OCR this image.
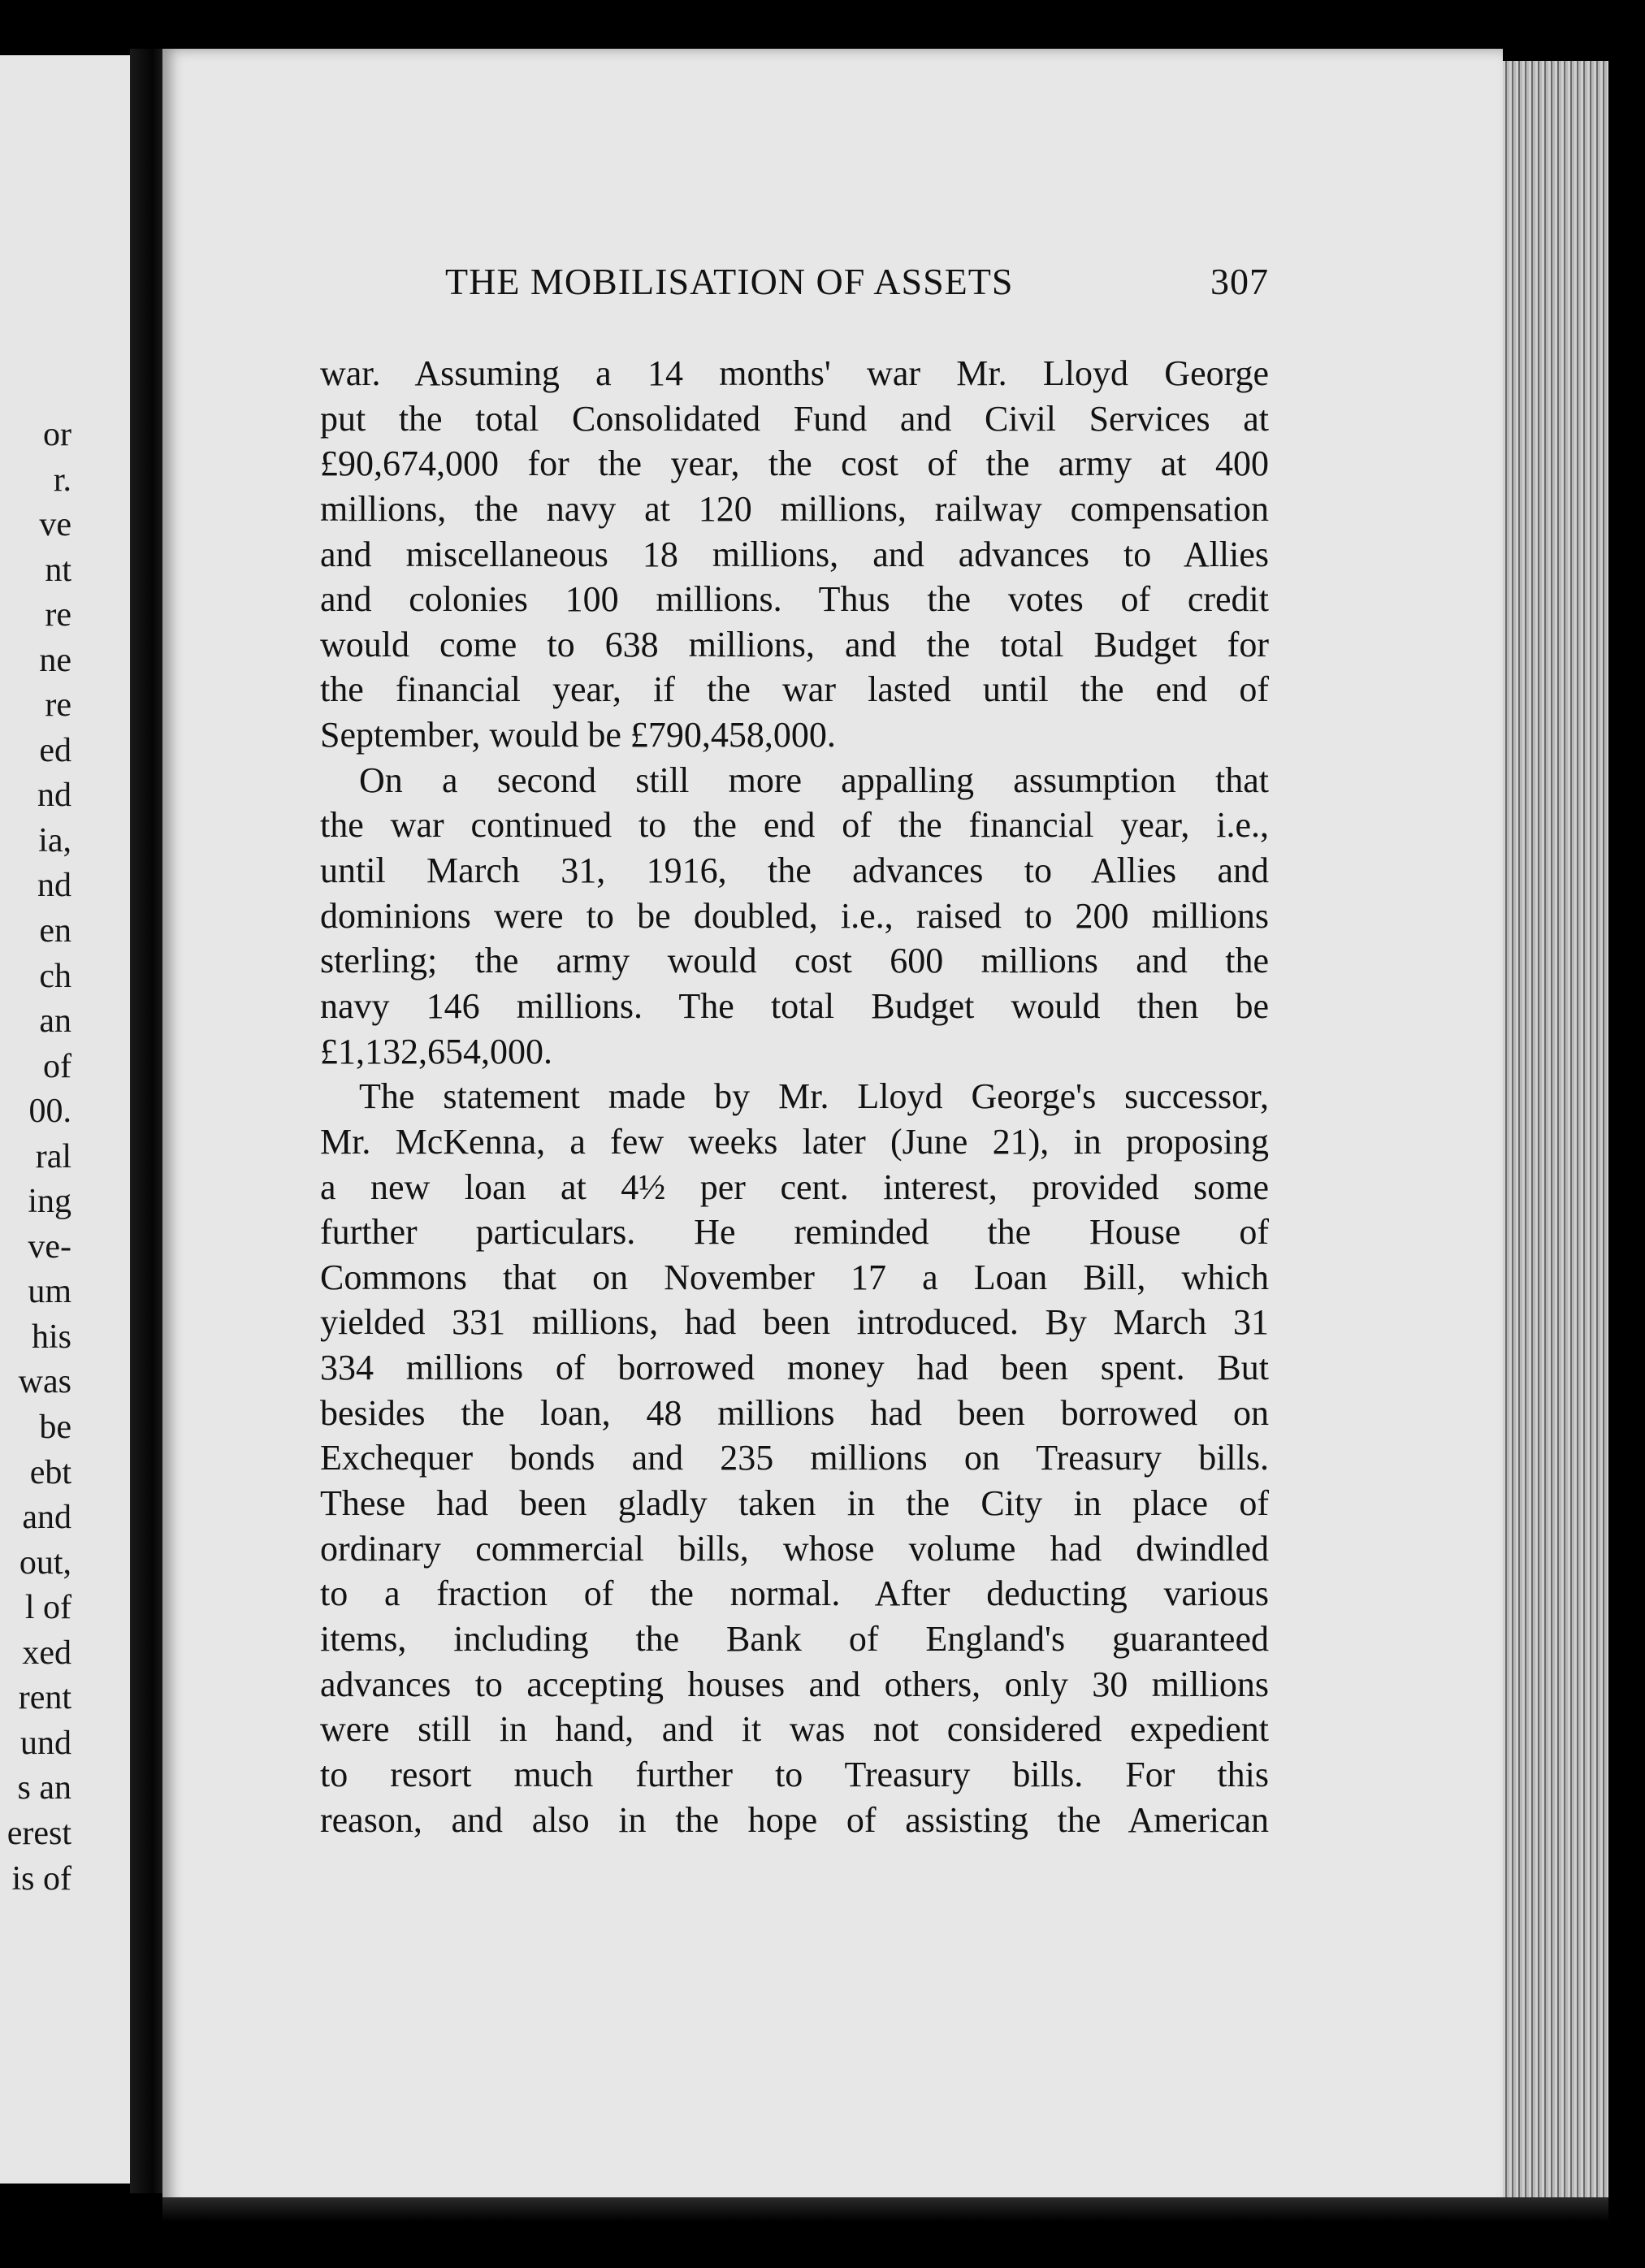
or
r.
ve
nt
re
ne
re
ed
nd
ia,
nd
en
ch
an
of
00.
ral
ing
ve-
um
his
was
be
ebt
and
out,
l of
xed
rent
und
s an
erest
is of
THE MOBILISATION OF ASSETS	307
war. Assuming a 14 months' war Mr. Lloyd George
put the total Consolidated Fund and Civil Services at
£90,674,000 for the year, the cost of the army at 400
millions, the navy at 120 millions, railway compensation
and miscellaneous 18 millions, and advances to Allies
and colonies 100 millions. Thus the votes of credit
would come to 638 millions, and the total Budget for
the financial year, if the war lasted until the end of
September, would be £790,458,000.
On a second still more appalling assumption that
the war continued to the end of the financial year, i.e.,
until March 31, 1916, the advances to Allies and
dominions were to be doubled, i.e., raised to 200 millions
sterling; the army would cost 600 millions and the
navy 146 millions. The total Budget would then be
£1,132,654,000.
The statement made by Mr. Lloyd George's successor,
Mr. McKenna, a few weeks later (June 21), in proposing
a new loan at 4½ per cent. interest, provided some
further particulars. He reminded the House of
Commons that on November 17 a Loan Bill, which
yielded 331 millions, had been introduced. By March 31
334 millions of borrowed money had been spent. But
besides the loan, 48 millions had been borrowed on
Exchequer bonds and 235 millions on Treasury bills.
These had been gladly taken in the City in place of
ordinary commercial bills, whose volume had dwindled
to a fraction of the normal. After deducting various
items, including the Bank of England's guaranteed
advances to accepting houses and others, only 30 millions
were still in hand, and it was not considered expedient
to resort much further to Treasury bills. For this
reason, and also in the hope of assisting the American
